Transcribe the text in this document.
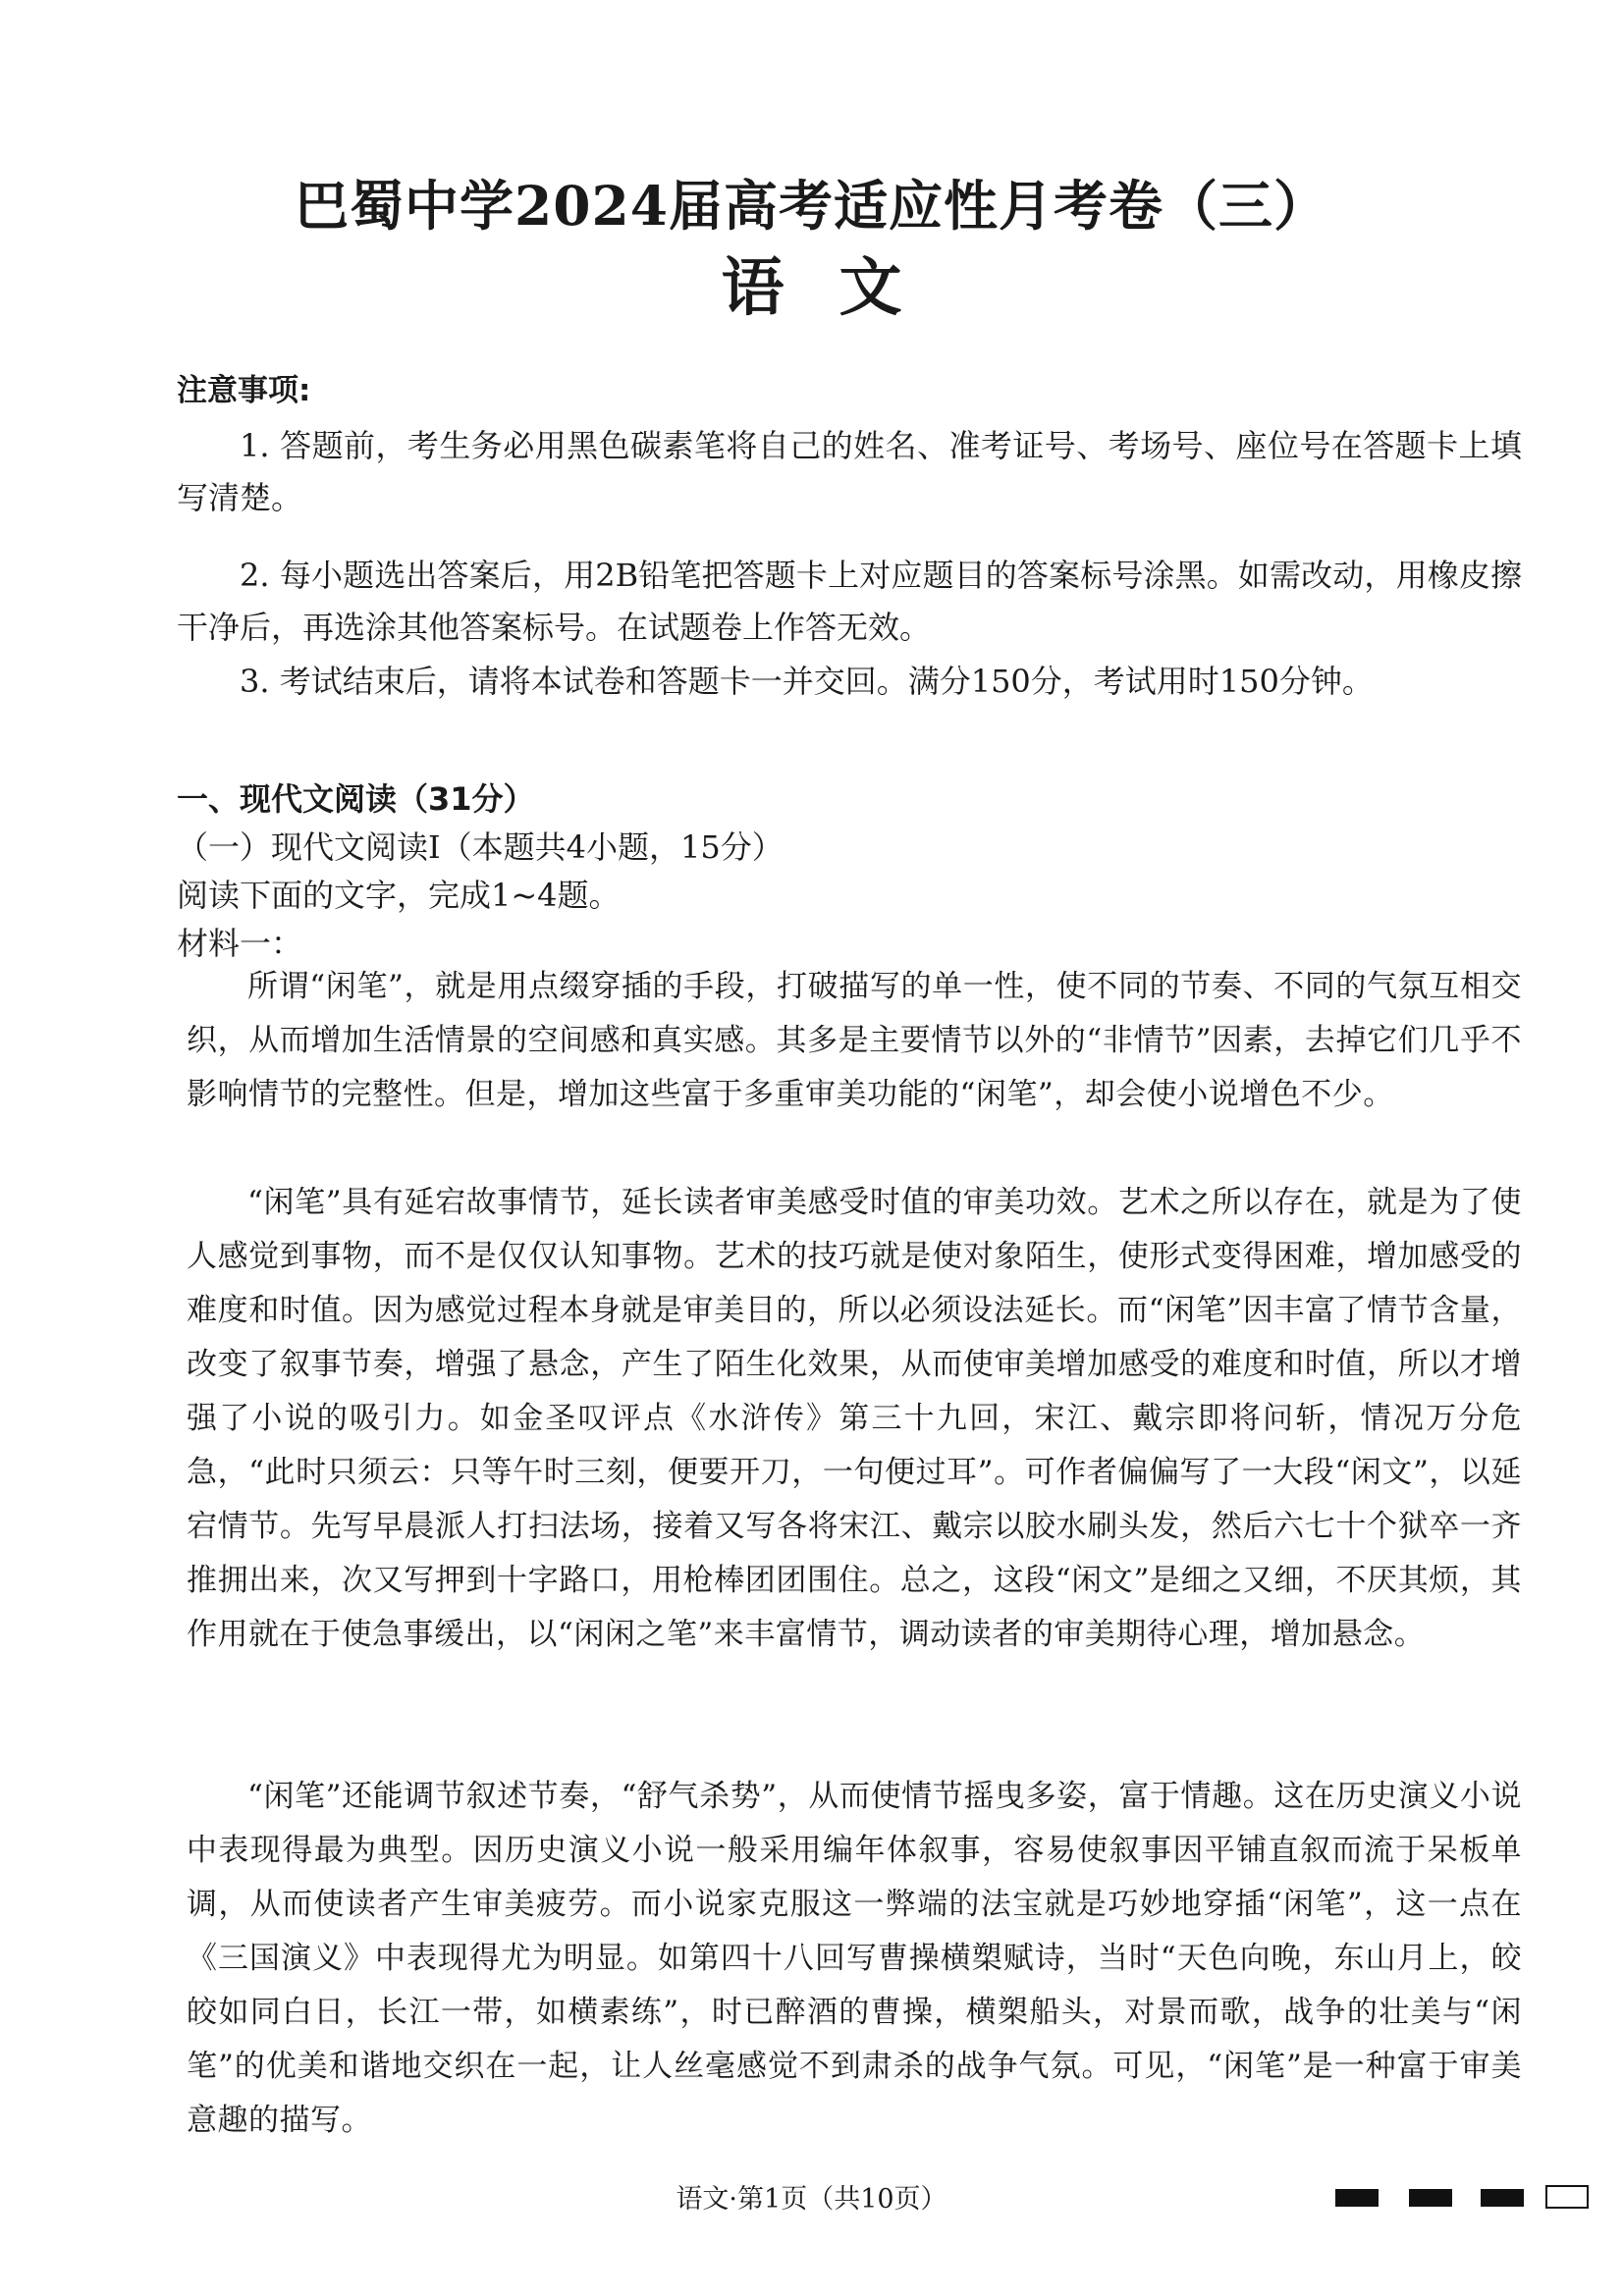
巴蜀中学2024届高考适应性月考卷（三）
语文
注意事项:

1. 答题前，考生务必用黑色碳素笔将自己的姓名、准考证号、考场号、座位号在答题卡上填写清楚。

2. 每小题选出答案后，用2B铅笔把答题卡上对应题目的答案标号涂黑。如需改动，用橡皮擦干净后，再选涂其他答案标号。在试题卷上作答无效。

3. 考试结束后，请将本试卷和答题卡一并交回。满分150分，考试用时150分钟。

一、现代文阅读（31分）
（一）现代文阅读Ⅰ（本题共4小题，15分）
阅读下面的文字，完成1~4题。
材料一：

所谓“闲笔”，就是用点缀穿插的手段，打破描写的单一性，使不同的节奏、不同的气氛互相交织，从而增加生活情景的空间感和真实感。其多是主要情节以外的“非情节”因素，去掉它们几乎不影响情节的完整性。但是，增加这些富于多重审美功能的“闲笔”，却会使小说增色不少。

“闲笔”具有延宕故事情节，延长读者审美感受时值的审美功效。艺术之所以存在，就是为了使人感觉到事物，而不是仅仅认知事物。艺术的技巧就是使对象陌生，使形式变得困难，增加感受的难度和时值。因为感觉过程本身就是审美目的，所以必须设法延长。而“闲笔”因丰富了情节含量，改变了叙事节奏，增强了悬念，产生了陌生化效果，从而使审美增加感受的难度和时值，所以才增强了小说的吸引力。如金圣叹评点《水浒传》第三十九回，宋江、戴宗即将问斩，情况万分危急，“此时只须云：只等午时三刻，便要开刀，一句便过耳”。可作者偏偏写了一大段“闲文”，以延宕情节。先写早晨派人打扫法场，接着又写各将宋江、戴宗以胶水刷头发，然后六七十个狱卒一齐推拥出来，次又写押到十字路口，用枪棒团团围住。总之，这段“闲文”是细之又细，不厌其烦，其作用就在于使急事缓出，以“闲闲之笔”来丰富情节，调动读者的审美期待心理，增加悬念。

“闲笔”还能调节叙述节奏，“舒气杀势”，从而使情节摇曳多姿，富于情趣。这在历史演义小说中表现得最为典型。因历史演义小说一般采用编年体叙事，容易使叙事因平铺直叙而流于呆板单调，从而使读者产生审美疲劳。而小说家克服这一弊端的法宝就是巧妙地穿插“闲笔”，这一点在《三国演义》中表现得尤为明显。如第四十八回写曹操横槊赋诗，当时“天色向晚，东山月上，皎皎如同白日，长江一带，如横素练”，时已醉酒的曹操，横槊船头，对景而歌，战争的壮美与“闲笔”的优美和谐地交织在一起，让人丝毫感觉不到肃杀的战争气氛。可见，“闲笔”是一种富于审美意趣的描写。

语文·第1页（共10页）
